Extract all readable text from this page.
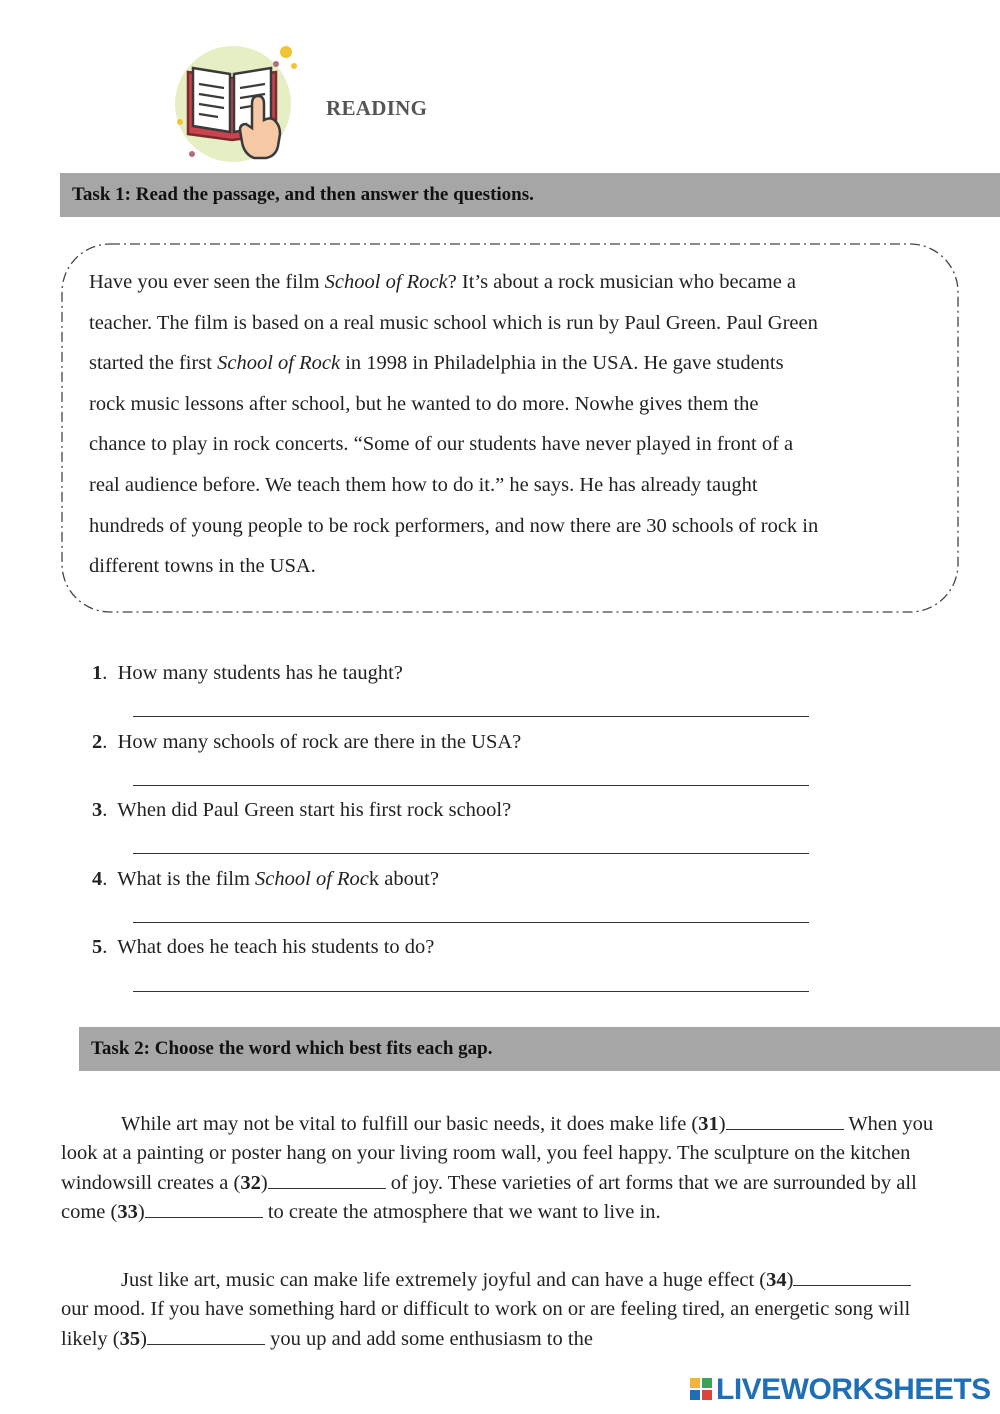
READING
Task 1: Read the passage, and then answer the questions.
Have you ever seen the film School of Rock? It’s about a rock musician who became a
teacher. The film is based on a real music school which is run by Paul Green. Paul Green
started the first School of Rock in 1998 in Philadelphia in the USA. He gave students
rock music lessons after school, but he wanted to do more. Nowhe gives them the
chance to play in rock concerts. “Some of our students have never played in front of a
real audience before. We teach them how to do it.” he says. He has already taught
hundreds of young people to be rock performers, and now there are 30 schools of rock in
different towns in the USA.
1.  How many students has he taught?
2.  How many schools of rock are there in the USA?
3.  When did Paul Green start his first rock school?
4.  What is the film School of Rock about?
5.  What does he teach his students to do?
Task 2: Choose the word which best fits each gap.
While art may not be vital to fulfill our basic needs, it does make life (31)	When you look at a painting or poster hang on your living room wall, you feel happy. The sculpture on the kitchen windowsill creates a (32)	of joy. These varieties of art forms that we are surrounded by all come (33)	to create the atmosphere that we want to live in.
Just like art, music can make life extremely joyful and can have a huge effect (34) our mood. If you have something hard or difficult to work on or are feeling tired, an energetic song will likely (35)	you up and add some enthusiasm to the
LIVEWORKSHEETS
